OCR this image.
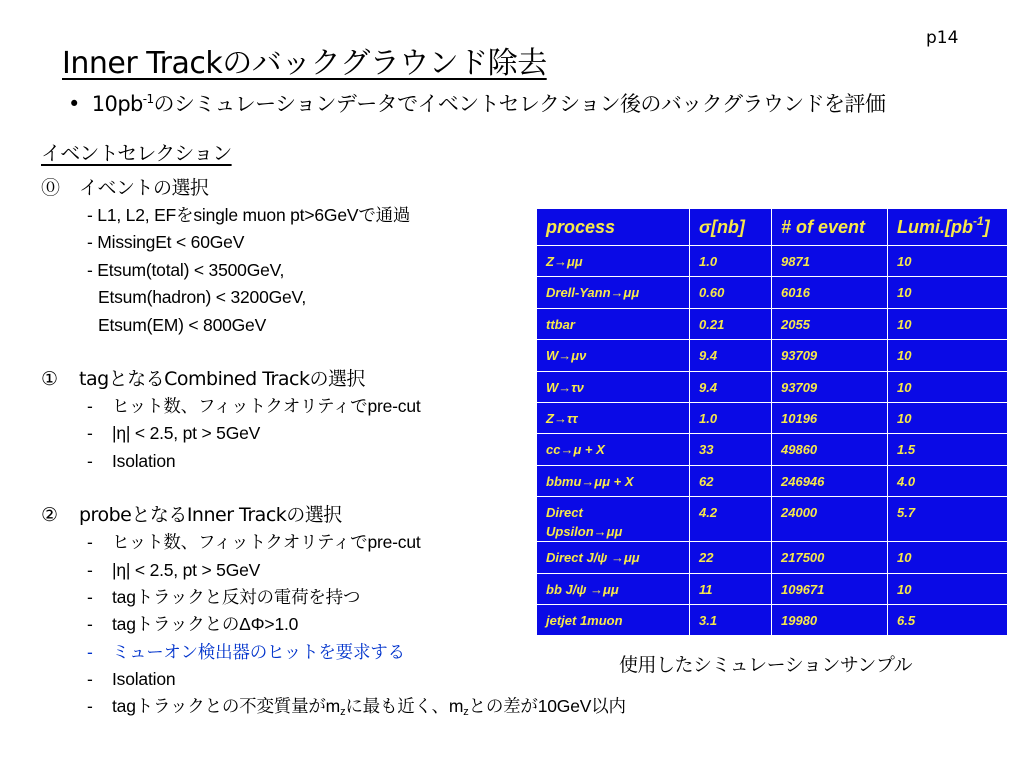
p14
Inner Trackのバックグラウンド除去
• $10pb^{-1}$のシミュレーションデータでイベントセレクション後のバックグラウンドを評価
イベントセレクション
⓪ イベントの選択
- L1, L2, EFをsingle muon pt>6GeVで通過
- MissingEt < 60GeV
- Etsum(total) < 3500GeV,
Etsum(hadron) < 3200GeV,
Etsum(EM) < 800GeV
① tagとなるCombined Trackの選択
- ヒット数、フィットクオリティでpre-cut
- |η| < 2.5, pt > 5GeV
- Isolation
② probeとなるInner Trackの選択
- ヒット数、フィットクオリティでpre-cut
- |η| < 2.5, pt > 5GeV
- tagトラックと反対の電荷を持つ
- tagトラックとのΔΦ>1.0
- ミューオン検出器のヒットを要求する
- Isolation
- tagトラックとの不変質量が$m_z$に最も近く、$m_z$との差が10GeV以内
process	σ[nb]	# of event	$Lumi.[pb^{-1}]$
Z→μμ	1.0	9871	10
Drell-Yann→μμ	0.60	6016	10
ttbar	0.21	2055	10
W→μν	9.4	93709	10
W→τν	9.4	93709	10
Z→ττ	1.0	10196	10
cc→μ + X	33	49860	1.5
bbmu→μμ + X	62	246946	4.0

Direct
Upsilon→μμ	4.2	24000	5.7
Direct J/ψ →μμ	22	217500	10
bb J/ψ →μμ	11	109671	10
jetjet 1muon	3.1	19980	6.5
使用したシミュレーションサンプル
